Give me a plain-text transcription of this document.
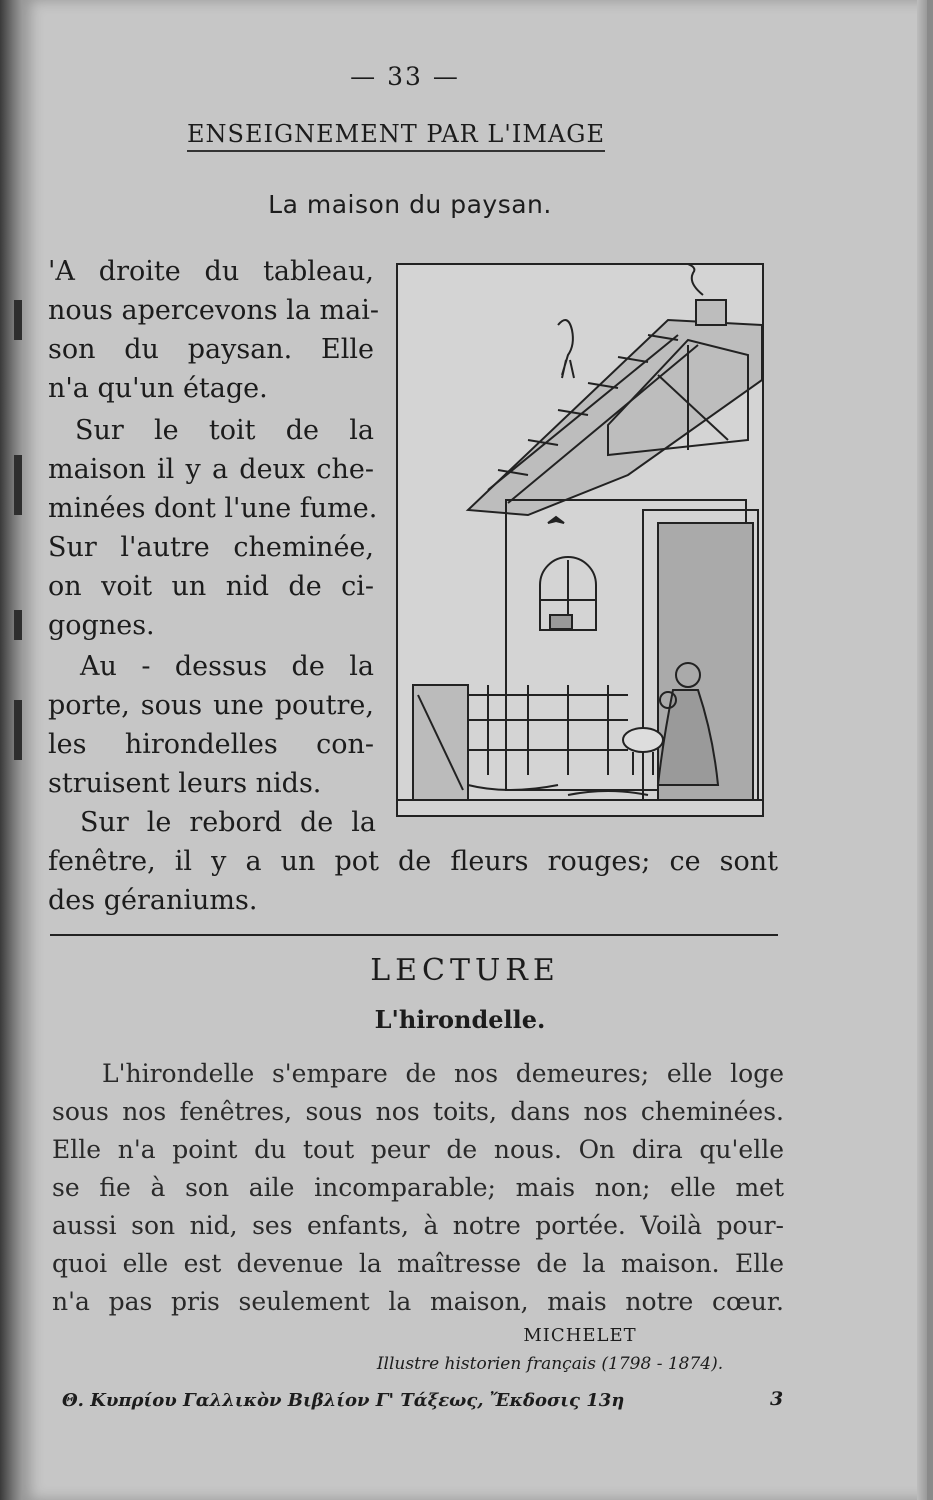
— 33 —
ENSEIGNEMENT PAR L'IMAGE
La maison du paysan.
'A droite du tableau,
nous apercevons la mai-
son du paysan. Elle
n'a qu'un étage.
Sur le toit de la
maison il y a deux che-
minées dont l'une fume.
Sur l'autre cheminée,
on voit un nid de ci-
gognes.
Au - dessus de la
porte, sous une poutre,
les hirondelles con-
struisent leurs nids.
Sur le rebord de la
fenêtre, il y a un pot de fleurs rouges; ce sont
des géraniums.
LECTURE
L'hirondelle.
L'hirondelle s'empare de nos demeures; elle loge
sous nos fenêtres, sous nos toits, dans nos cheminées.
Elle n'a point du tout peur de nous. On dira qu'elle
se fie à son aile incomparable; mais non; elle met
aussi son nid, ses enfants, à notre portée. Voilà pour-
quoi elle est devenue la maîtresse de la maison. Elle
n'a pas pris seulement la maison, mais notre cœur.
MICHELET
Illustre historien français (1798 - 1874).
Θ. Κυπρίου Γαλλικὸν Βιβλίον Γ' Τάξεως, Ἔκδοσις 13η	3
